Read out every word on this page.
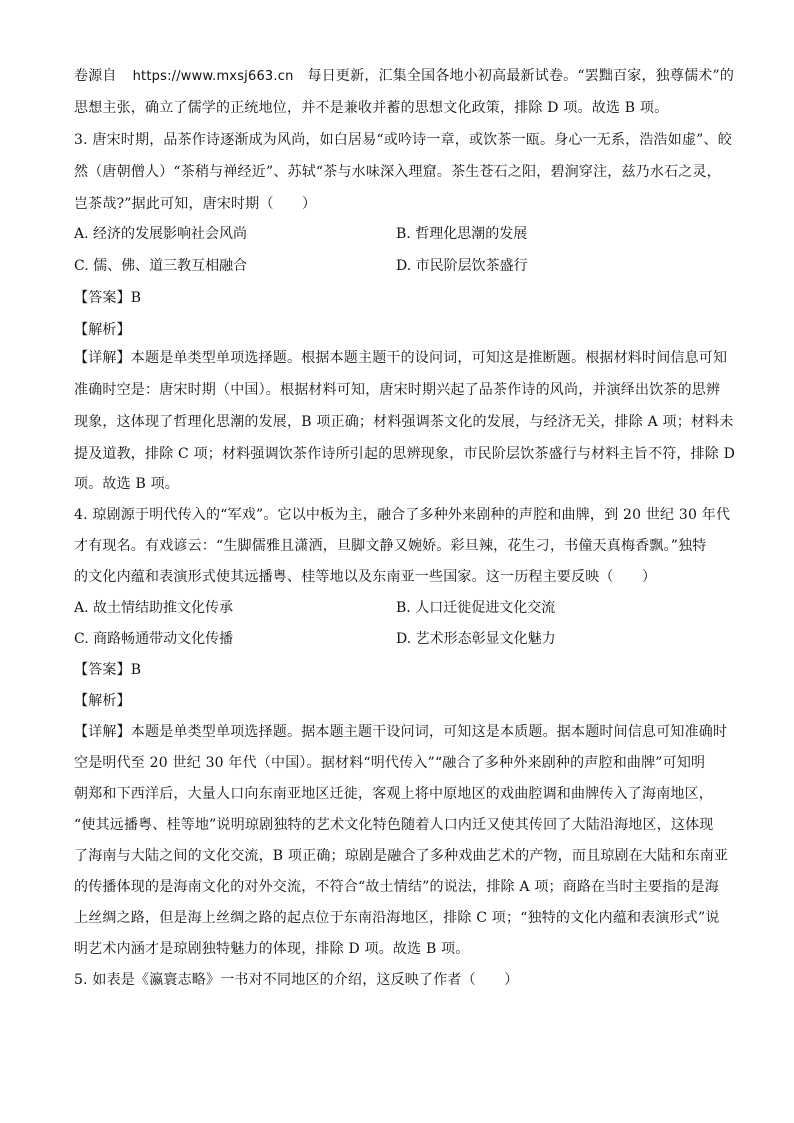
卷源自 https://www.mxsj663.cn 每日更新，汇集全国各地小初高最新试卷。“罢黜百家，独尊儒术”的
思想主张，确立了儒学的正统地位，并不是兼收并蓄的思想文化政策，排除 D 项。故选 B 项。
3. 唐宋时期，品茶作诗逐渐成为风尚，如白居易“或吟诗一章，或饮茶一瓯。身心一无系，浩浩如虚”、皎
然（唐朝僧人）“茶稍与禅经近”、苏轼“茶与水味深入理窟。茶生苍石之阳，碧涧穿注，兹乃水石之灵，
岂茶哉?”据此可知，唐宋时期（　　）
A. 经济的发展影响社会风尚	B. 哲理化思潮的发展
C. 儒、佛、道三教互相融合	D. 市民阶层饮茶盛行
【答案】B
【解析】
【详解】本题是单类型单项选择题。根据本题主题干的设问词，可知这是推断题。根据材料时间信息可知
准确时空是：唐宋时期（中国）。根据材料可知，唐宋时期兴起了品茶作诗的风尚，并演绎出饮茶的思辨
现象，这体现了哲理化思潮的发展，B 项正确；材料强调茶文化的发展，与经济无关，排除 A 项；材料未
提及道教，排除 C 项；材料强调饮茶作诗所引起的思辨现象，市民阶层饮茶盛行与材料主旨不符，排除 D
项。故选 B 项。
4. 琼剧源于明代传入的“军戏”。它以中板为主，融合了多种外来剧种的声腔和曲牌，到 20 世纪 30 年代
才有现名。有戏谚云：“生脚儒雅且潇洒，旦脚文静又婉娇。彩旦辣，花生刁，书僮天真梅香飘。”独特
的文化内蕴和表演形式使其远播粤、桂等地以及东南亚一些国家。这一历程主要反映（　　）
A. 故土情结助推文化传承	B. 人口迁徙促进文化交流
C. 商路畅通带动文化传播	D. 艺术形态彰显文化魅力
【答案】B
【解析】
【详解】本题是单类型单项选择题。据本题主题干设问词，可知这是本质题。据本题时间信息可知准确时
空是明代至 20 世纪 30 年代（中国）。据材料“明代传入”“融合了多种外来剧种的声腔和曲牌”可知明
朝郑和下西洋后，大量人口向东南亚地区迁徙，客观上将中原地区的戏曲腔调和曲牌传入了海南地区，
“使其远播粤、桂等地”说明琼剧独特的艺术文化特色随着人口内迁又使其传回了大陆沿海地区，这体现
了海南与大陆之间的文化交流，B 项正确；琼剧是融合了多种戏曲艺术的产物，而且琼剧在大陆和东南亚
的传播体现的是海南文化的对外交流，不符合“故土情结”的说法，排除 A 项；商路在当时主要指的是海
上丝绸之路，但是海上丝绸之路的起点位于东南沿海地区，排除 C 项；“独特的文化内蕴和表演形式”说
明艺术内涵才是琼剧独特魅力的体现，排除 D 项。故选 B 项。
5. 如表是《瀛寰志略》一书对不同地区的介绍，这反映了作者（　　）
